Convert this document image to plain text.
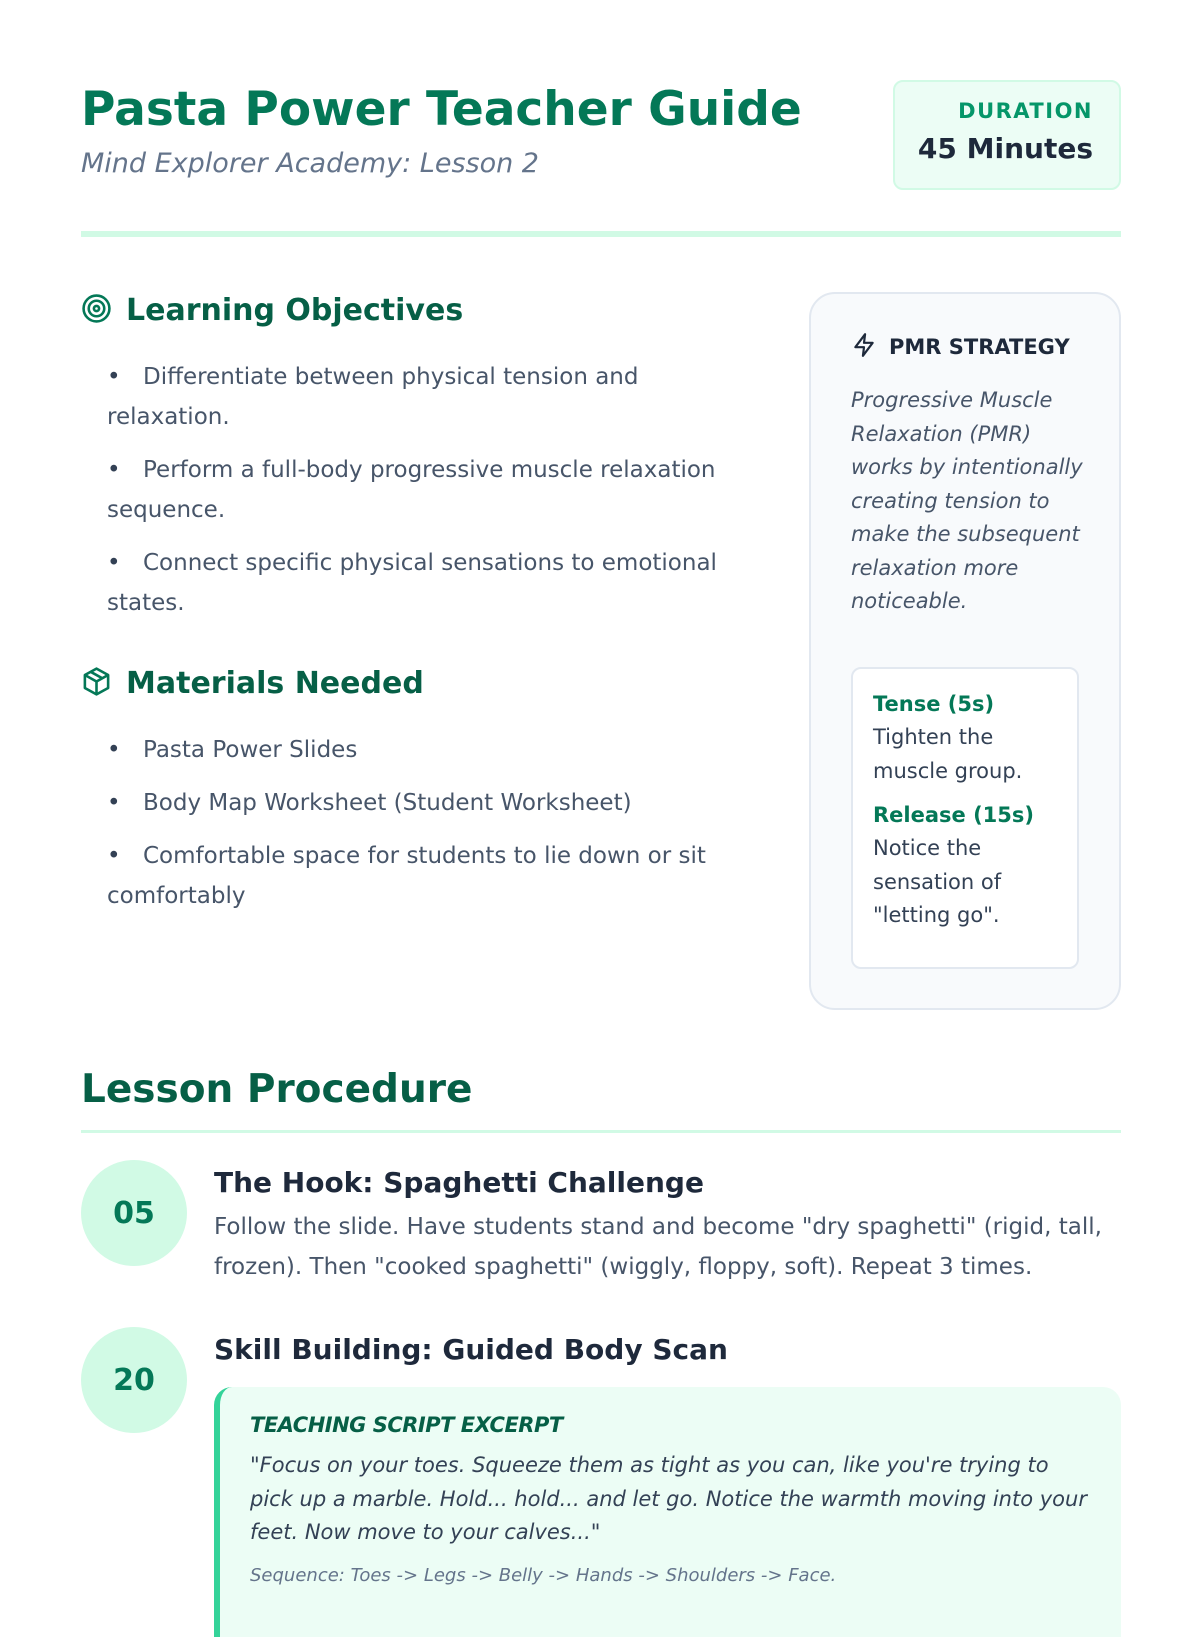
Pasta Power Teacher Guide

Mind Explorer Academy: Lesson 2

DURATION
45 Minutes
Learning Objectives
• Differentiate between physical tension and relaxation.
• Perform a full-body progressive muscle relaxation sequence.
• Connect specific physical sensations to emotional states.
Materials Needed
• Pasta Power Slides
• Body Map Worksheet (Student Worksheet)
• Comfortable space for students to lie down or sit comfortably
PMR STRATEGY

Progressive Muscle Relaxation (PMR) works by intentionally creating tension to make the subsequent relaxation more noticeable.

Tense (5s)
Tighten the muscle group.
Release (15s)
Notice the sensation of "letting go".
Lesson Procedure
05
The Hook: Spaghetti Challenge

Follow the slide. Have students stand and become "dry spaghetti" (rigid, tall, frozen). Then "cooked spaghetti" (wiggly, floppy, soft). Repeat 3 times.

20
Skill Building: Guided Body Scan
TEACHING SCRIPT EXCERPT

"Focus on your toes. Squeeze them as tight as you can, like you're trying to pick up a marble. Hold... hold... and let go. Notice the warmth moving into your feet. Now move to your calves..."

Sequence: Toes -> Legs -> Belly -> Hands -> Shoulders -> Face.
